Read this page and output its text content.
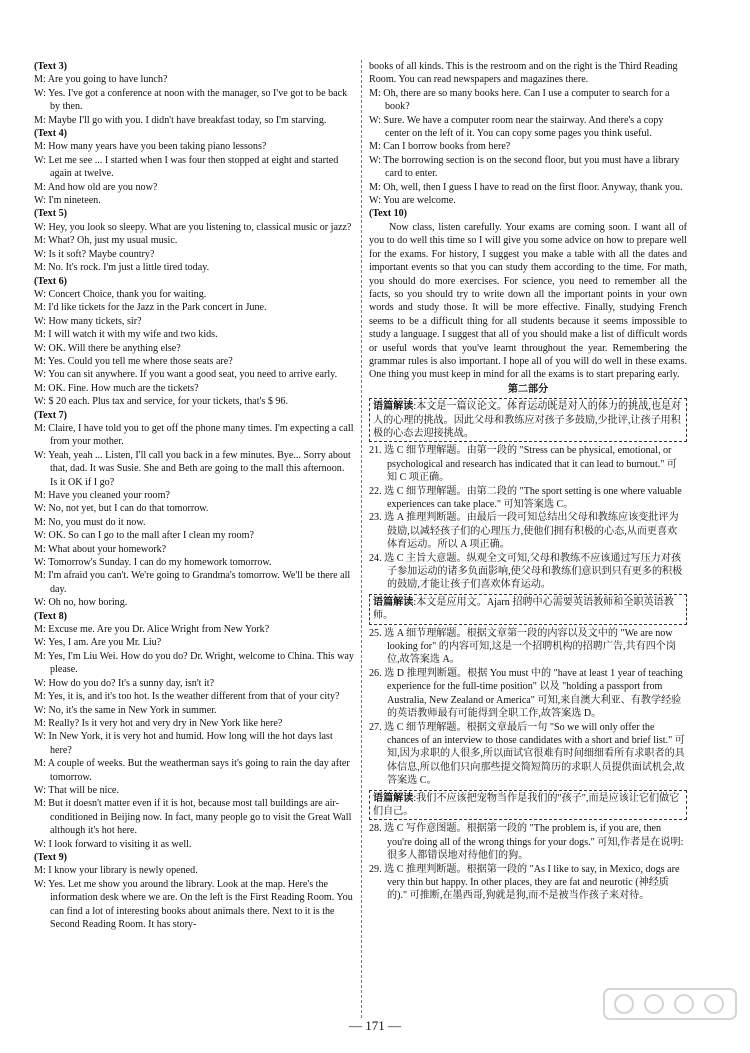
(Text 3)

M: Are you going to have lunch?

W: Yes. I've got a conference at noon with the manager, so I've got to be back by then.

M: Maybe I'll go with you. I didn't have breakfast today, so I'm starving.

(Text 4)

M: How many years have you been taking piano lessons?

W: Let me see ... I started when I was four then stopped at eight and started again at twelve.

M: And how old are you now?

W: I'm nineteen.

(Text 5)

W: Hey, you look so sleepy. What are you listening to, classical music or jazz?

M: What? Oh, just my usual music.

W: Is it soft? Maybe country?

M: No. It's rock. I'm just a little tired today.

(Text 6)

W: Concert Choice, thank you for waiting.

M: I'd like tickets for the Jazz in the Park concert in June.

W: How many tickets, sir?

M: I will watch it with my wife and two kids.

W: OK. Will there be anything else?

M: Yes. Could you tell me where those seats are?

W: You can sit anywhere. If you want a good seat, you need to arrive early.

M: OK. Fine. How much are the tickets?

W: $ 20 each. Plus tax and service, for your tickets, that's $ 96.

(Text 7)

M: Claire, I have told you to get off the phone many times. I'm expecting a call from your mother.

W: Yeah, yeah ... Listen, I'll call you back in a few minutes. Bye... Sorry about that, dad. It was Susie. She and Beth are going to the mall this afternoon. Is it OK if I go?

M: Have you cleaned your room?

W: No, not yet, but I can do that tomorrow.

M: No, you must do it now.

W: OK. So can I go to the mall after I clean my room?

M: What about your homework?

W: Tomorrow's Sunday. I can do my homework tomorrow.

M: I'm afraid you can't. We're going to Grandma's tomorrow. We'll be there all day.

W: Oh no, how boring.

(Text 8)

M: Excuse me. Are you Dr. Alice Wright from New York?

W: Yes, I am. Are you Mr. Liu?

M: Yes, I'm Liu Wei. How do you do? Dr. Wright, welcome to China. This way please.

W: How do you do? It's a sunny day, isn't it?

M: Yes, it is, and it's too hot. Is the weather different from that of your city?

W: No, it's the same in New York in summer.

M: Really? Is it very hot and very dry in New York like here?

W: In New York, it is very hot and humid. How long will the hot days last here?

M: A couple of weeks. But the weatherman says it's going to rain the day after tomorrow.

W: That will be nice.

M: But it doesn't matter even if it is hot, because most tall buildings are air-conditioned in Beijing now. In fact, many people go to visit the Great Wall although it's hot here.

W: I look forward to visiting it as well.

(Text 9)

M: I know your library is newly opened.

W: Yes. Let me show you around the library. Look at the map. Here's the information desk where we are. On the left is the First Reading Room. You can find a lot of interesting books about animals there. Next to it is the Second Reading Room. It has story-

books of all kinds. This is the restroom and on the right is the Third Reading Room. You can read newspapers and magazines there.

M: Oh, there are so many books here. Can I use a computer to search for a book?

W: Sure. We have a computer room near the stairway. And there's a copy center on the left of it. You can copy some pages you think useful.

M: Can I borrow books from here?

W: The borrowing section is on the second floor, but you must have a library card to enter.

M: Oh, well, then I guess I have to read on the first floor. Anyway, thank you.

W: You are welcome.

(Text 10)

Now class, listen carefully. Your exams are coming soon. I want all of you to do well this time so I will give you some advice on how to prepare well for the exams. For history, I suggest you make a table with all the dates and important events so that you can study them according to the time. For math, you should do more exercises. For science, you need to remember all the facts, so you should try to write down all the important points in your own words and study those. It will be more effective. Finally, studying French seems to be a difficult thing for all students because it seems impossible to study a language. I suggest that all of you should make a list of difficult words or useful words that you've learnt throughout the year. Remembering the grammar rules is also important. I hope all of you will do well in these exams. One thing you must keep in mind for all the exams is to start preparing early.

第二部分

语篇解读:本文是一篇议论文。体育运动既是对人的体力的挑战,也是对人的心理的挑战。因此父母和教练应对孩子多鼓励,少批评,让孩子用积极的心态去迎接挑战。

21. 选 C 细节理解题。由第一段的 "Stress can be physical, emotional, or psychological and research has indicated that it can lead to burnout." 可知 C 项正确。

22. 选 C 细节理解题。由第二段的 "The sport setting is one where valuable experiences can take place." 可知答案选 C。

23. 选 A 推理判断题。由最后一段可知总结出父母和教练应该变批评为鼓励,以减轻孩子们的心理压力,使他们拥有积极的心态,从而更喜欢体育运动。所以 A 项正确。

24. 选 C 主旨大意题。纵观全文可知,父母和教练不应该通过写压力对孩子参加运动的诸多负面影响,使父母和教练们意识到只有更多的积极的鼓励,才能让孩子们喜欢体育运动。

语篇解读:本文是应用文。Ajarn 招聘中心需要英语教师和全职英语教师。

25. 选 A 细节理解题。根据文章第一段的内容以及文中的 "We are now looking for" 的内容可知,这是一个招聘机构的招聘广告,共有四个岗位,故答案选 A。

26. 选 D 推理判断题。根据 You must 中的 "have at least 1 year of teaching experience for the full-time position" 以及 "holding a passport from Australia, New Zealand or America" 可知,来自澳大利亚、有教学经验的英语教师最有可能得到全职工作,故答案选 D。

27. 选 C 细节理解题。根据文章最后一句 "So we will only offer the chances of an interview to those candidates with a short and brief list." 可知,因为求职的人很多,所以面试官很难有时间细细看所有求职者的具体信息,所以他们只向那些提交简短简历的求职人员提供面试机会,故答案选 C。

语篇解读:我们不应该把宠物当作是我们的"孩子",而是应该让它们做它们自己。

28. 选 C 写作意图题。根据第一段的 "The problem is, if you are, then you're doing all of the wrong things for your dogs." 可知,作者是在说明:很多人都错误地对待他们的狗。

29. 选 C 推理判断题。根据第一段的 "As I like to say, in Mexico, dogs are very thin but happy. In other places, they are fat and neurotic (神经质的)." 可推断,在墨西哥,狗就是狗,而不是被当作孩子来对待。

— 171 —
